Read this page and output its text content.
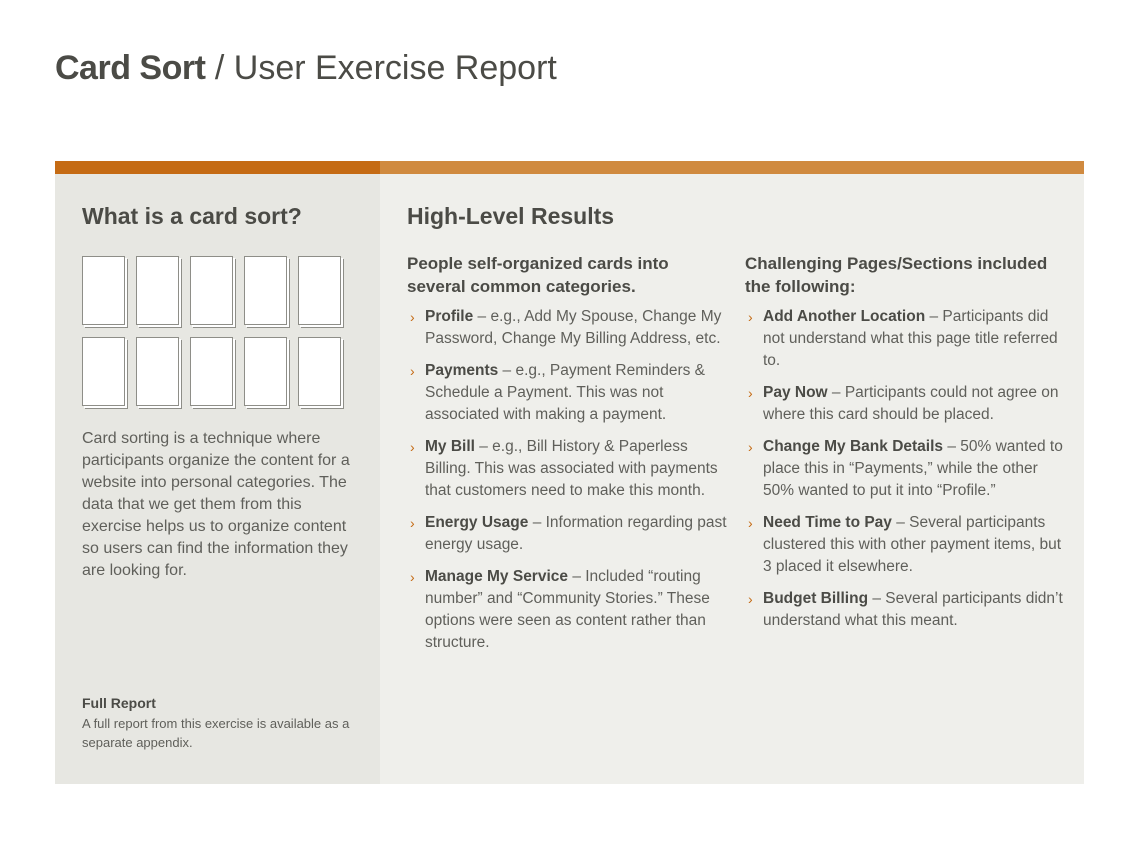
Card Sort / User Exercise Report
What is a card sort?
Card sorting is a technique where participants organize the content for a website into personal categories. The data that we get them from this exercise helps us to organize content so users can find the information they are looking for.
Full Report
A full report from this exercise is available as a separate appendix.
High-Level Results
People self-organized cards into several common categories.
› Profile – e.g., Add My Spouse, Change My Password, Change My Billing Address, etc.
› Payments – e.g., Payment Reminders & Schedule a Payment. This was not associated with making a payment.
› My Bill – e.g., Bill History & Paperless Billing. This was associated with payments that customers need to make this month.
› Energy Usage – Information regarding past energy usage.
› Manage My Service – Included “routing number” and “Community Stories.” These options were seen as content rather than structure.
Challenging Pages/Sections included the following:
› Add Another Location – Participants did not understand what this page title referred to.
› Pay Now – Participants could not agree on where this card should be placed.
› Change My Bank Details – 50% wanted to place this in “Payments,” while the other 50% wanted to put it into “Profile.”
› Need Time to Pay – Several participants clustered this with other payment items, but 3 placed it elsewhere.
› Budget Billing – Several participants didn’t understand what this meant.
